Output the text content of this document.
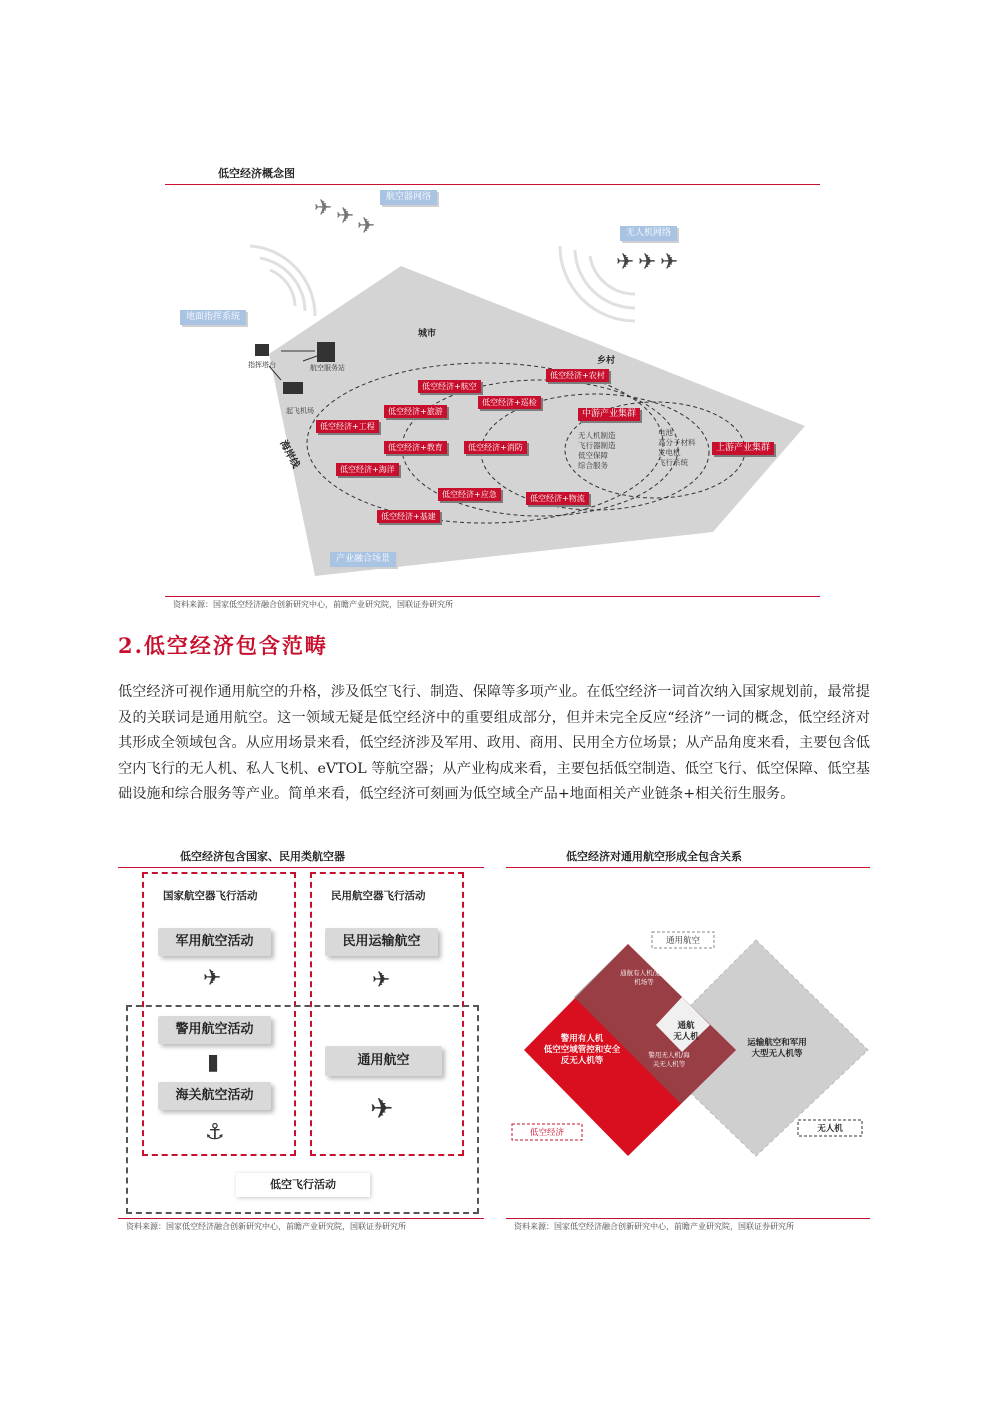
低空经济概念图
✈ ✈ ✈
✈ ✈ ✈
航空器网络
无人机网络
地面指挥系统
产业融合场景
城市
乡村
海岸线
指挥塔台	航空服务站
起飞机场
低空经济+航空
低空经济+农村
低空经济+旅游
低空经济+巡检
低空经济+工程
低空经济+教育	低空经济+消防
低空经济+海洋
低空经济+应急	低空经济+物流
低空经济+基建
中游产业集群
上游产业集群
无人机制造
飞行器制造
低空保障
综合服务
电池
高分子材料
发电机
飞行系统
资料来源：国家低空经济融合创新研究中心，前瞻产业研究院，国联证券研究所
2.低空经济包含范畴
低空经济可视作通用航空的升格，涉及低空飞行、制造、保障等多项产业。在低空经济一词首次纳入国家规划前，最常提及的关联词是通用航空。这一领域无疑是低空经济中的重要组成部分，但并未完全反应“经济”一词的概念，低空经济对其形成全领域包含。从应用场景来看，低空经济涉及军用、政用、商用、民用全方位场景；从产品角度来看，主要包含低空内飞行的无人机、私人飞机、eVTOL 等航空器；从产业构成来看，主要包括低空制造、低空飞行、低空保障、低空基础设施和综合服务等产业。简单来看，低空经济可刻画为低空域全产品+地面相关产业链条+相关衍生服务。
低空经济包含国家、民用类航空器
国家航空器飞行活动	民用航空器飞行活动
军用航空活动
✈
警用航空活动
▮
海关航空活动
⚓
民用运输航空
✈
通用航空
✈
低空飞行活动
资料来源：国家低空经济融合创新研究中心，前瞻产业研究院，国联证券研究所
低空经济对通用航空形成全包含关系
通用航空
低空经济	无人机
通航有人机/通航机场等
警用有人机
低空空域管控和安全
反无人机等
通航
无人机
警用无人机/海关无人机等
运输航空和军用
大型无人机等
资料来源：国家低空经济融合创新研究中心，前瞻产业研究院，国联证券研究所
